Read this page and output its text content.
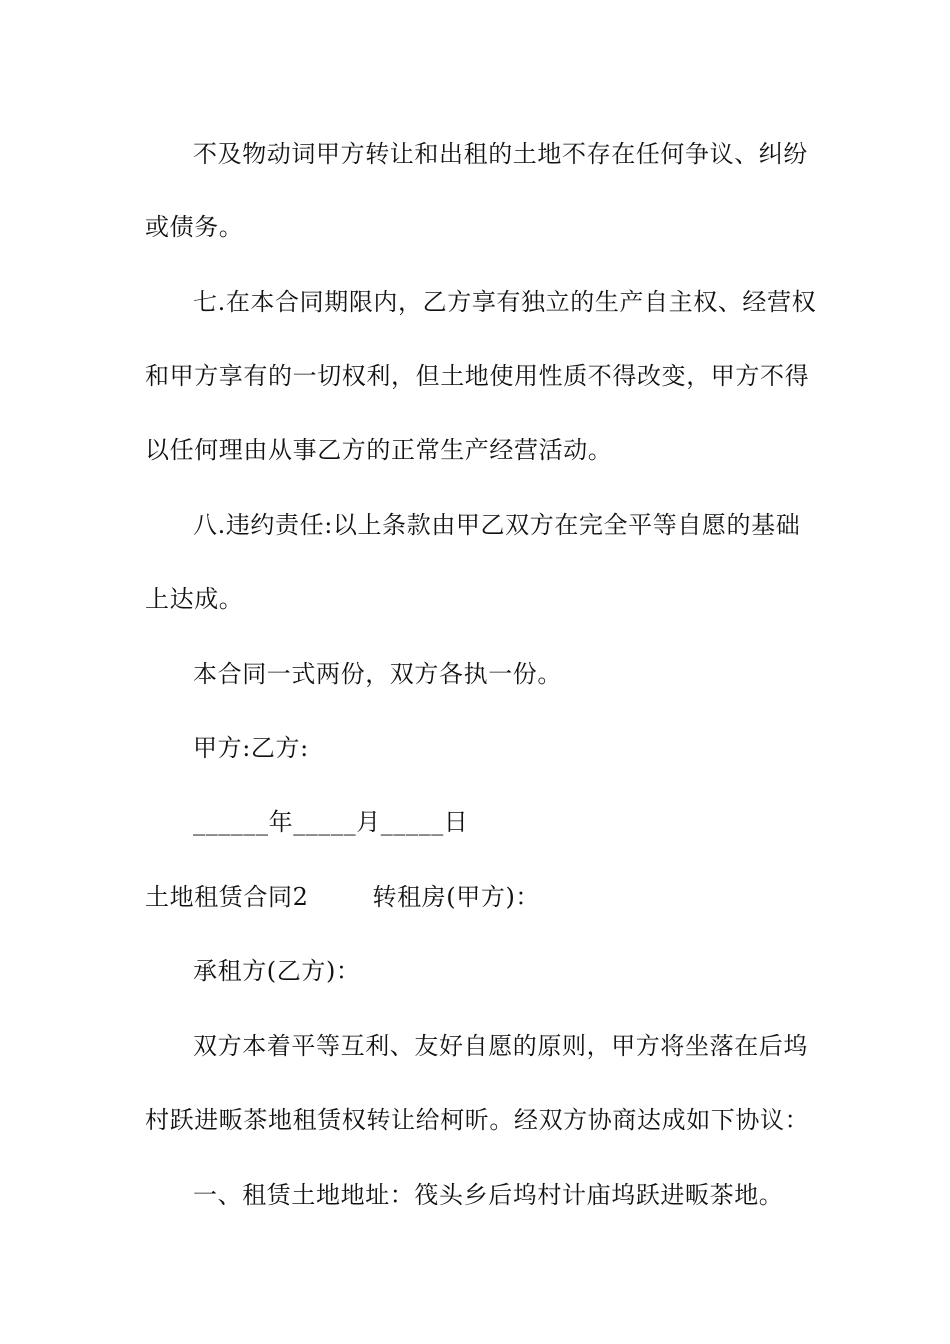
不及物动词甲方转让和出租的土地不存在任何争议、纠纷
或债务。
七.在本合同期限内，乙方享有独立的生产自主权、经营权
和甲方享有的一切权利，但土地使用性质不得改变，甲方不得
以任何理由从事乙方的正常生产经营活动。
八.违约责任:以上条款由甲乙双方在完全平等自愿的基础
上达成。
本合同一式两份，双方各执一份。
甲方:乙方:
______年_____月_____日
土地租赁合同2	转租房(甲方)：
承租方(乙方)：
双方本着平等互利、友好自愿的原则，甲方将坐落在后坞
村跃进畈茶地租赁权转让给柯昕。经双方协商达成如下协议：
一、租赁土地地址：筏头乡后坞村计庙坞跃进畈茶地。
